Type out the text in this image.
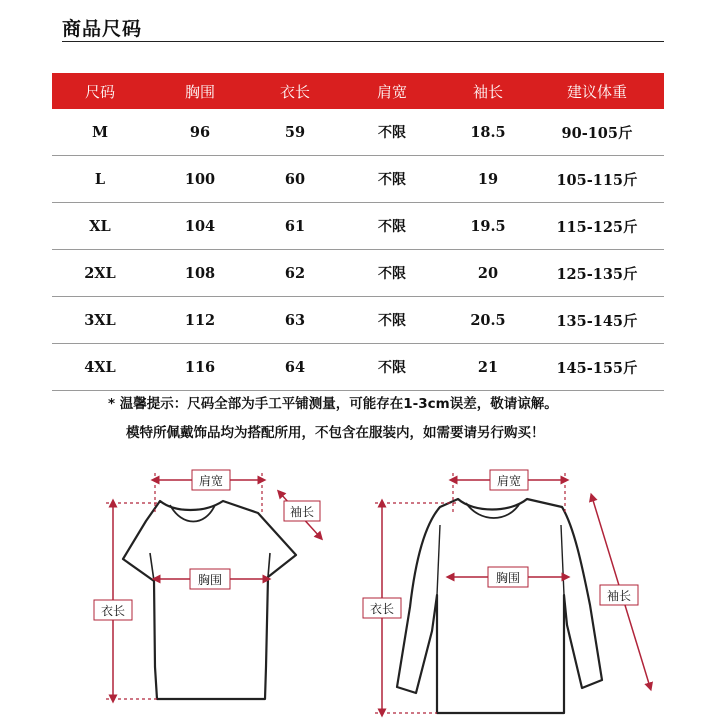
商品尺码
尺码	胸围	衣长	肩宽	袖长	建议体重
M	96	59	不限	18.5	90-105斤
L	100	60	不限	19	105-115斤
XL	104	61	不限	19.5	115-125斤
2XL	108	62	不限	20	125-135斤
3XL	112	63	不限	20.5	135-145斤
4XL	116	64	不限	21	145-155斤
* 温馨提示：尺码全部为手工平铺测量，可能存在1-3cm误差，敬请谅解。
模特所佩戴饰品均为搭配所用，不包含在服装内，如需要请另行购买！
肩宽
袖长
胸围
衣长
肩宽
胸围
衣长
袖长
